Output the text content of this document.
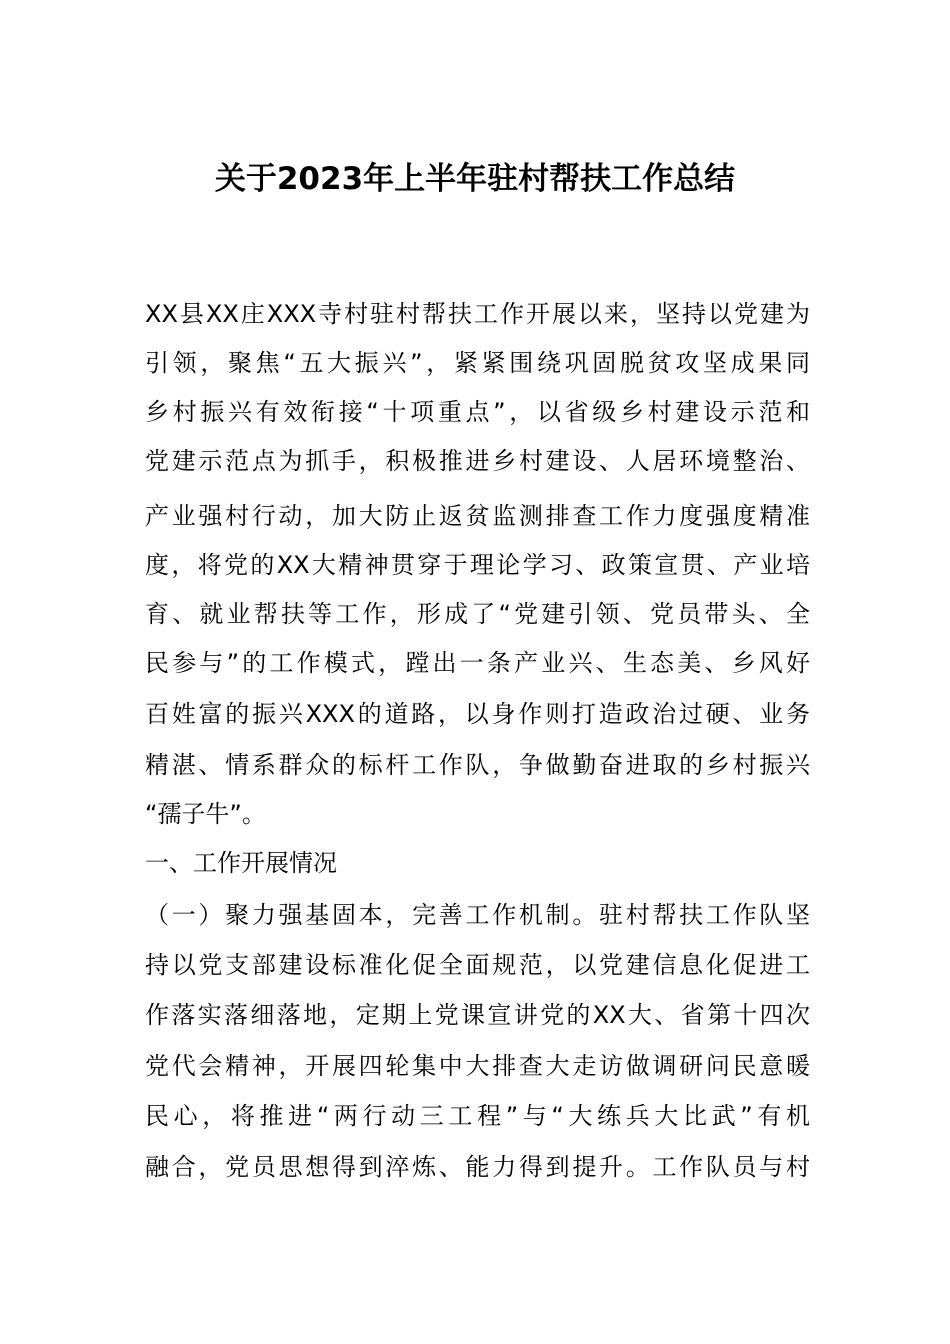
关于2023年上半年驻村帮扶工作总结
XX县XX庄XXX寺村驻村帮扶工作开展以来，坚持以党建为
引领，聚焦“五大振兴”，紧紧围绕巩固脱贫攻坚成果同
乡村振兴有效衔接“十项重点”，以省级乡村建设示范和
党建示范点为抓手，积极推进乡村建设、人居环境整治、
产业强村行动，加大防止返贫监测排查工作力度强度精准
度，将党的XX大精神贯穿于理论学习、政策宣贯、产业培
育、就业帮扶等工作，形成了“党建引领、党员带头、全
民参与”的工作模式，蹚出一条产业兴、生态美、乡风好
百姓富的振兴XXX的道路，以身作则打造政治过硬、业务
精湛、情系群众的标杆工作队，争做勤奋进取的乡村振兴
“孺子牛”。
一、工作开展情况
（一）聚力强基固本，完善工作机制。驻村帮扶工作队坚
持以党支部建设标准化促全面规范，以党建信息化促进工
作落实落细落地，定期上党课宣讲党的XX大、省第十四次
党代会精神，开展四轮集中大排查大走访做调研问民意暖
民心，将推进“两行动三工程”与“大练兵大比武”有机
融合，党员思想得到淬炼、能力得到提升。工作队员与村
